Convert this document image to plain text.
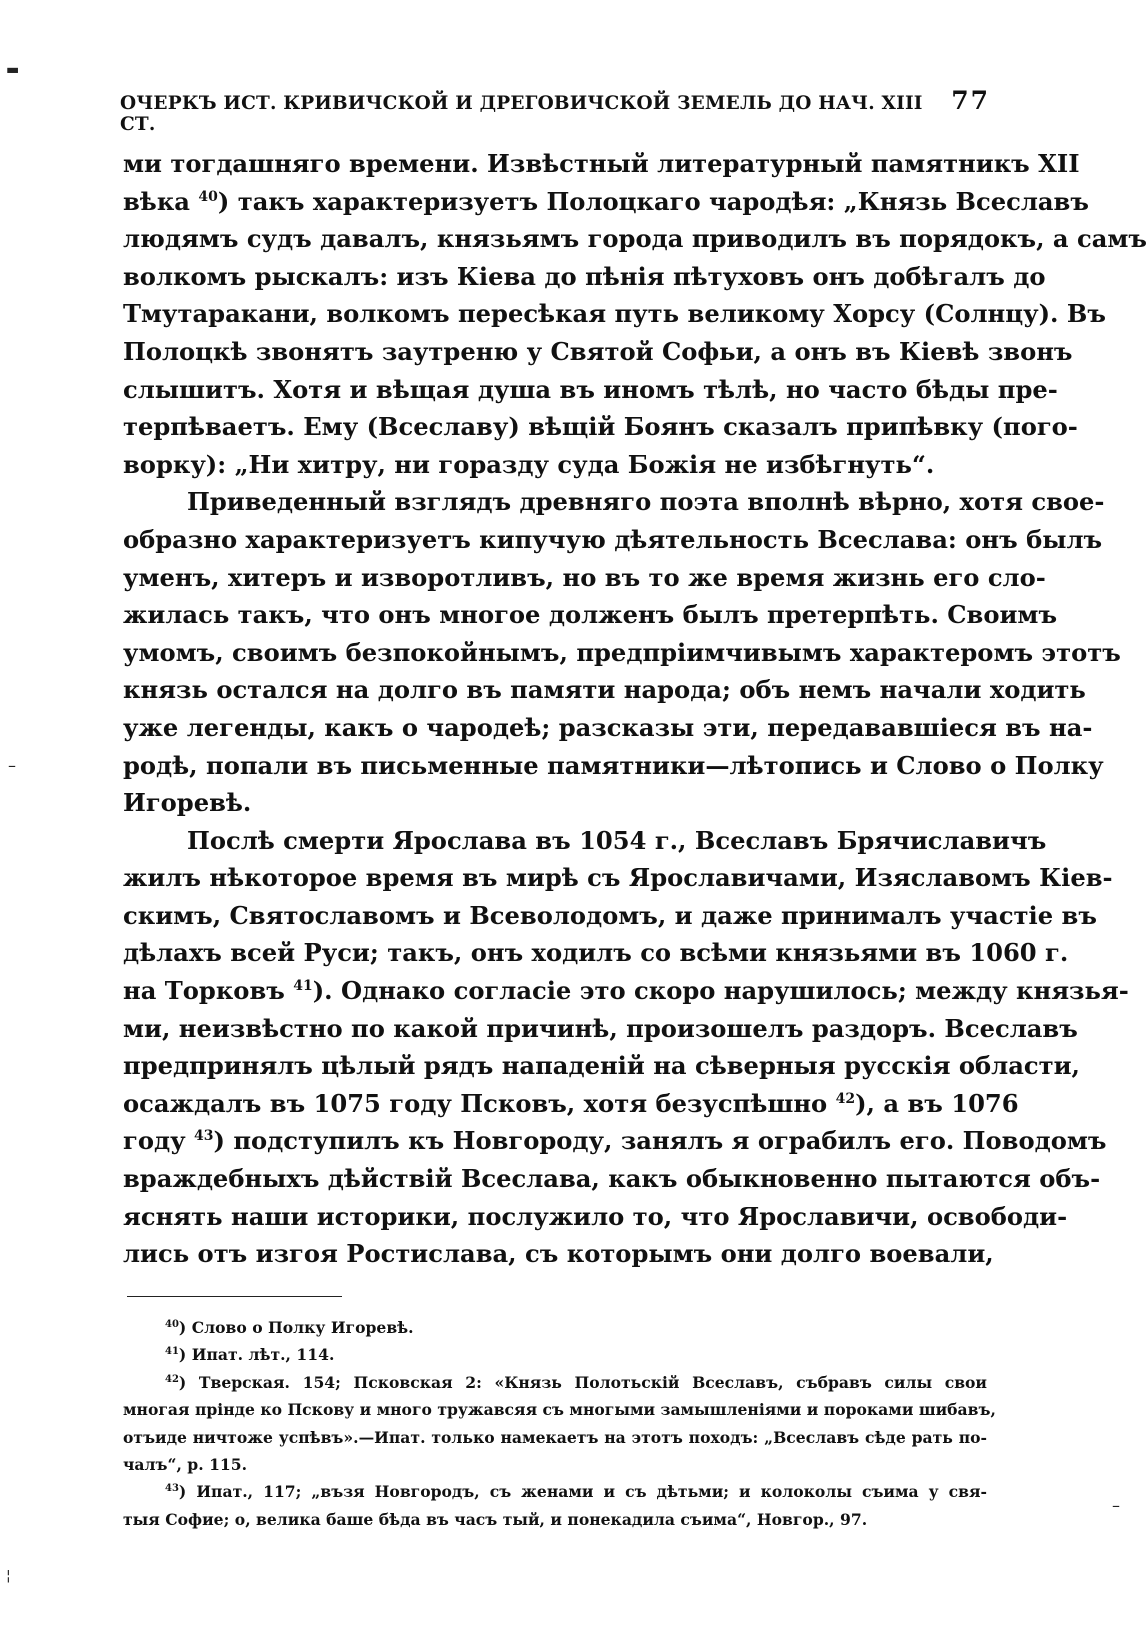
▬
–
–
¦
ОЧЕРКЪ ИСТ. КРИВИЧСКОЙ И ДРЕГОВИЧСКОЙ ЗЕМЕЛЬ ДО НАЧ. XIII СТ.
77
ми тогдашняго времени. Извѣстный литературный памятникъ XII
вѣка $^{40}$) такъ характеризуетъ Полоцкаго чародѣя: „Князь Всеславъ
людямъ судъ давалъ, князьямъ города приводилъ въ порядокъ, а самъ
волкомъ рыскалъ: изъ Кіева до пѣнія пѣтуховъ онъ добѣгалъ до
Тмутаракани, волкомъ пересѣкая путь великому Хорсу (Солнцу). Въ
Полоцкѣ звонятъ заутреню у Святой Софьи, а онъ въ Кіевѣ звонъ
слышитъ. Хотя и вѣщая душа въ иномъ тѣлѣ, но часто бѣды пре-
терпѣваетъ. Ему (Всеславу) вѣщій Боянъ сказалъ припѣвку (пого-
ворку): „Ни хитру, ни горазду суда Божія не избѣгнуть“.
Приведенный взглядъ древняго поэта вполнѣ вѣрно, хотя свое-
образно характеризуетъ кипучую дѣятельность Всеслава: онъ былъ
уменъ, хитеръ и изворотливъ, но въ то же время жизнь его сло-
жилась такъ, что онъ многое долженъ былъ претерпѣть. Своимъ
умомъ, своимъ безпокойнымъ, предпріимчивымъ характеромъ этотъ
князь остался на долго въ памяти народа; объ немъ начали ходить
уже легенды, какъ о чародеѣ; разсказы эти, передававшіеся въ на-
родѣ, попали въ письменные памятники—лѣтопись и Слово о Полку
Игоревѣ.
Послѣ смерти Ярослава въ 1054 г., Всеславъ Брячиславичъ
жилъ нѣкоторое время въ мирѣ съ Ярославичами, Изяславомъ Кіев-
скимъ, Святославомъ и Всеволодомъ, и даже принималъ участіе въ
дѣлахъ всей Руси; такъ, онъ ходилъ со всѣми князьями въ 1060 г.
на Торковъ $^{41}$). Однако согласіе это скоро нарушилось; между князья-
ми, неизвѣстно по какой причинѣ, произошелъ раздоръ. Всеславъ
предпринялъ цѣлый рядъ нападеній на сѣверныя русскія области,
осаждалъ въ 1075 году Псковъ, хотя безуспѣшно $^{42}$), а въ 1076
году $^{43}$) подступилъ къ Новгороду, занялъ я ограбилъ его. Поводомъ
враждебныхъ дѣйствій Всеслава, какъ обыкновенно пытаются объ-
яснять наши историки, послужило то, что Ярославичи, освободи-
лись отъ изгоя Ростислава, съ которымъ они долго воевали,
$^{40}$) Слово о Полку Игоревѣ.
$^{41}$) Ипат. лѣт., 114.
$^{42}$) Тверская. 154; Псковская 2: «Князь Полотьскій Всеславъ, събравъ силы свои
многая прінде ко Пскову и много тружавсяя съ многыми замышленіями и пороками шибавъ,
отъиде ничтоже успѣвъ».—Ипат. только намекаетъ на этотъ походъ: „Всеславъ сѣде рать по-
чалъ“, р. 115.
$^{43}$) Ипат., 117; „възя Новгородъ, съ женами и съ дѣтьми; и колоколы съима у свя-
тыя Софие; о, велика баше бѣда въ часъ тый, и понекадила съима“, Новгор., 97.
